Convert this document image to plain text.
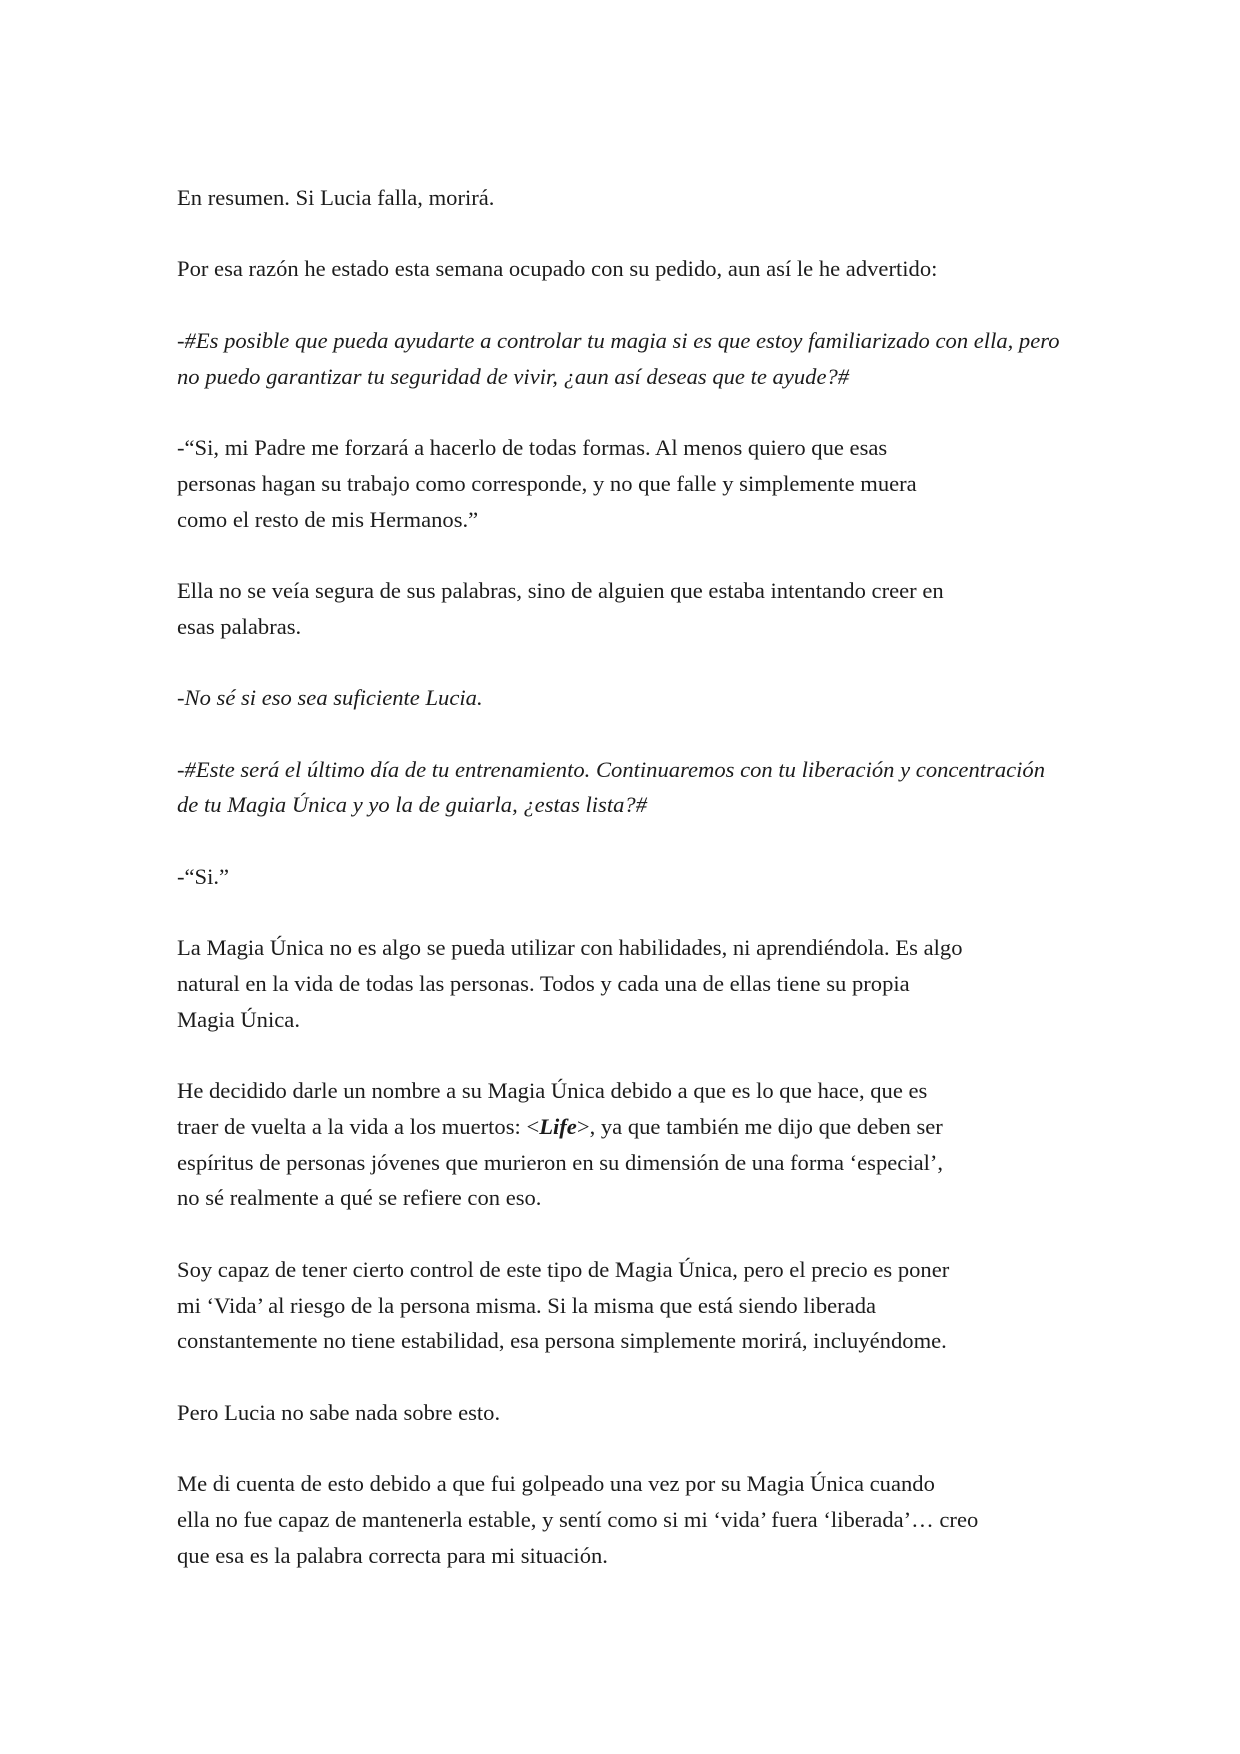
En resumen. Si Lucia falla, morirá.

Por esa razón he estado esta semana ocupado con su pedido, aun así le he advertido:

-#Es posible que pueda ayudarte a controlar tu magia si es que estoy familiarizado con ella, pero
no puedo garantizar tu seguridad de vivir, ¿aun así deseas que te ayude?#

-“Si, mi Padre me forzará a hacerlo de todas formas. Al menos quiero que esas
personas hagan su trabajo como corresponde, y no que falle y simplemente muera
como el resto de mis Hermanos.”

Ella no se veía segura de sus palabras, sino de alguien que estaba intentando creer en
esas palabras.

-No sé si eso sea suficiente Lucia.

-#Este será el último día de tu entrenamiento. Continuaremos con tu liberación y concentración
de tu Magia Única y yo la de guiarla, ¿estas lista?#

-“Si.”

La Magia Única no es algo se pueda utilizar con habilidades, ni aprendiéndola. Es algo
natural en la vida de todas las personas. Todos y cada una de ellas tiene su propia
Magia Única.

He decidido darle un nombre a su Magia Única debido a que es lo que hace, que es
traer de vuelta a la vida a los muertos: <Life>, ya que también me dijo que deben ser
espíritus de personas jóvenes que murieron en su dimensión de una forma ‘especial’,
no sé realmente a qué se refiere con eso.

Soy capaz de tener cierto control de este tipo de Magia Única, pero el precio es poner
mi ‘Vida’ al riesgo de la persona misma. Si la misma que está siendo liberada
constantemente no tiene estabilidad, esa persona simplemente morirá, incluyéndome.

Pero Lucia no sabe nada sobre esto.

Me di cuenta de esto debido a que fui golpeado una vez por su Magia Única cuando
ella no fue capaz de mantenerla estable, y sentí como si mi ‘vida’ fuera ‘liberada’… creo
que esa es la palabra correcta para mi situación.
